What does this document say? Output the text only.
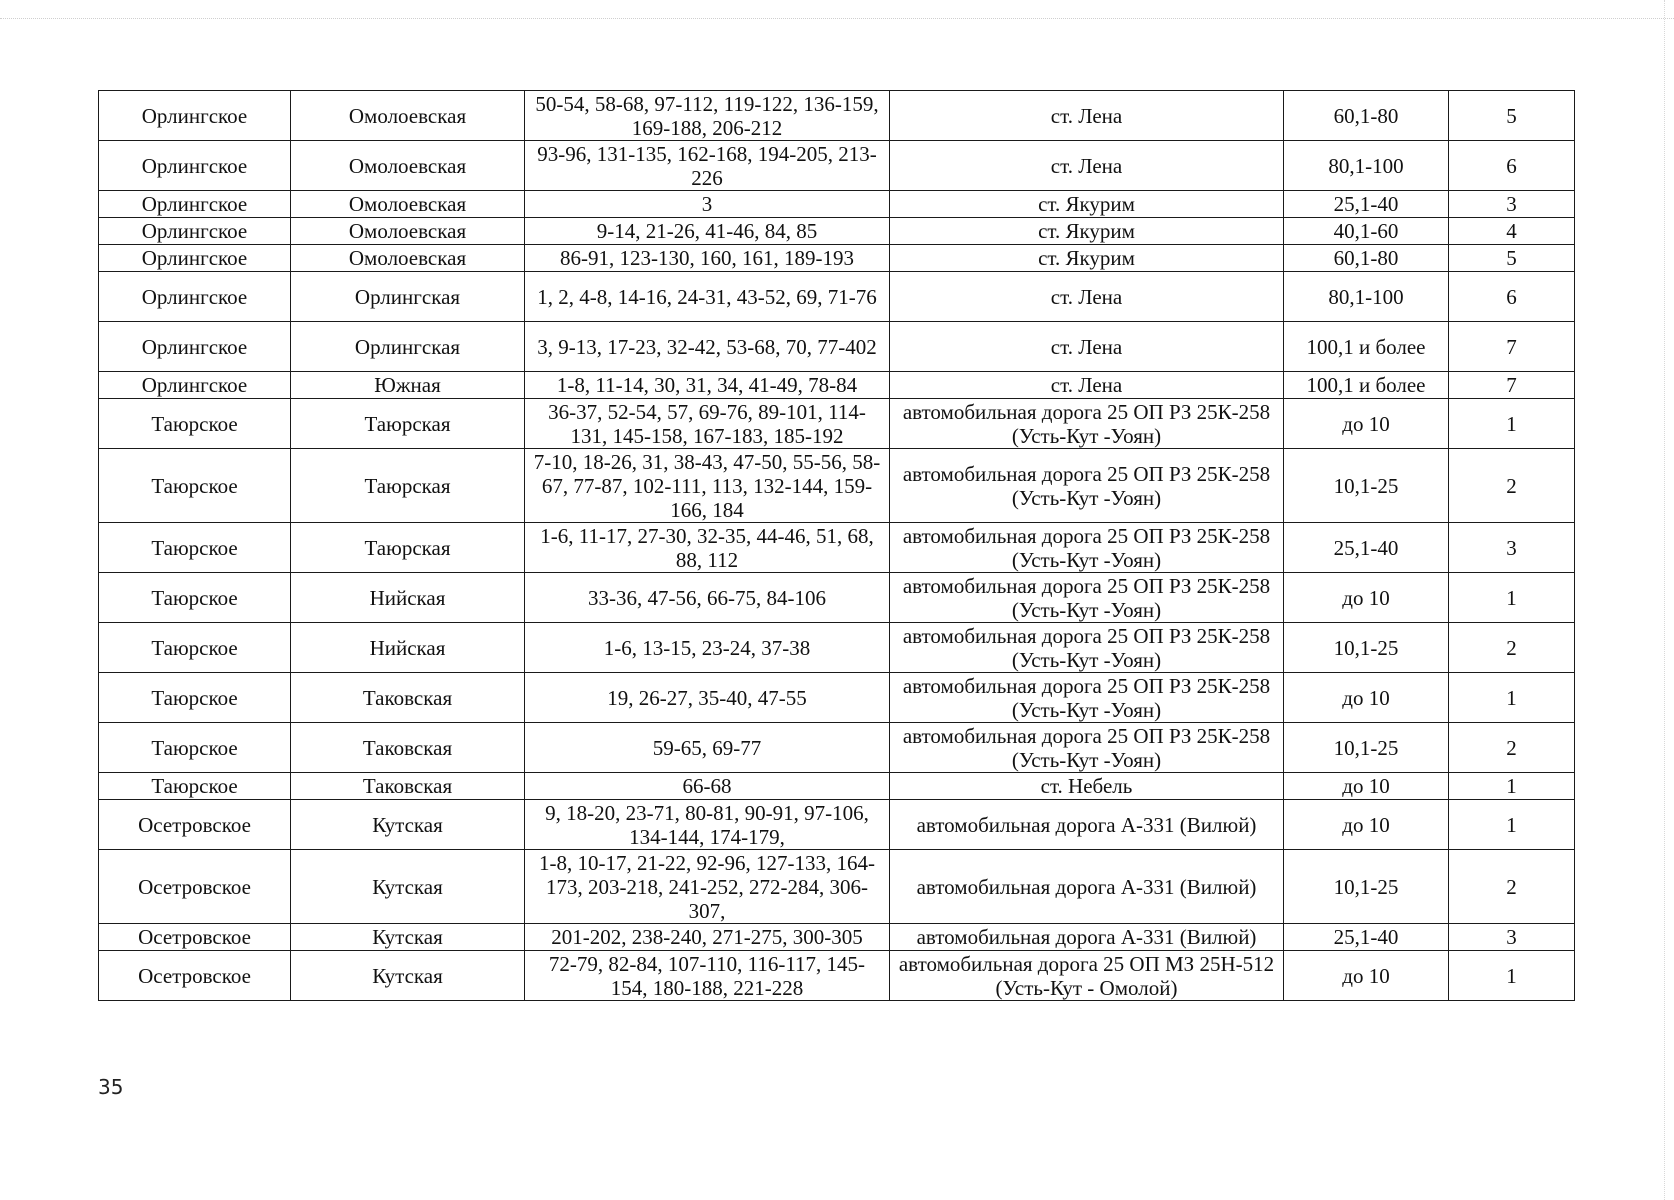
Орлингское	Омолоевская	50-54, 58-68, 97-112, 119-122, 136-159, 169-188, 206-212	ст. Лена	60,1-80	5
Орлингское	Омолоевская	93-96, 131-135, 162-168, 194-205, 213-226	ст. Лена	80,1-100	6
Орлингское	Омолоевская	3	ст. Якурим	25,1-40	3
Орлингское	Омолоевская	9-14, 21-26, 41-46, 84, 85	ст. Якурим	40,1-60	4
Орлингское	Омолоевская	86-91, 123-130, 160, 161, 189-193	ст. Якурим	60,1-80	5
Орлингское	Орлингская	1, 2, 4-8, 14-16, 24-31, 43-52, 69, 71-76	ст. Лена	80,1-100	6
Орлингское	Орлингская	3, 9-13, 17-23, 32-42, 53-68, 70, 77-402	ст. Лена	100,1 и более	7
Орлингское	Южная	1-8, 11-14, 30, 31, 34, 41-49, 78-84	ст. Лена	100,1 и более	7
Таюрское	Таюрская	36-37, 52-54, 57, 69-76, 89-101, 114-131, 145-158, 167-183, 185-192	автомобильная дорога 25 ОП РЗ 25К-258 (Усть-Кут -Уоян)	до 10	1
Таюрское	Таюрская	7-10, 18-26, 31, 38-43, 47-50, 55-56, 58-67, 77-87, 102-111, 113, 132-144, 159-166, 184	автомобильная дорога 25 ОП РЗ 25К-258 (Усть-Кут -Уоян)	10,1-25	2
Таюрское	Таюрская	1-6, 11-17, 27-30, 32-35, 44-46, 51, 68, 88, 112	автомобильная дорога 25 ОП РЗ 25К-258 (Усть-Кут -Уоян)	25,1-40	3
Таюрское	Нийская	33-36, 47-56, 66-75, 84-106	автомобильная дорога 25 ОП РЗ 25К-258 (Усть-Кут -Уоян)	до 10	1
Таюрское	Нийская	1-6, 13-15, 23-24, 37-38	автомобильная дорога 25 ОП РЗ 25К-258 (Усть-Кут -Уоян)	10,1-25	2
Таюрское	Таковская	19, 26-27, 35-40, 47-55	автомобильная дорога 25 ОП РЗ 25К-258 (Усть-Кут -Уоян)	до 10	1
Таюрское	Таковская	59-65, 69-77	автомобильная дорога 25 ОП РЗ 25К-258 (Усть-Кут -Уоян)	10,1-25	2
Таюрское	Таковская	66-68	ст. Небель	до 10	1
Осетровское	Кутская	9, 18-20, 23-71, 80-81, 90-91, 97-106, 134-144, 174-179,	автомобильная дорога А-331 (Вилюй)	до 10	1
Осетровское	Кутская	1-8, 10-17, 21-22, 92-96, 127-133, 164-173, 203-218, 241-252, 272-284, 306-307,	автомобильная дорога А-331 (Вилюй)	10,1-25	2
Осетровское	Кутская	201-202, 238-240, 271-275, 300-305	автомобильная дорога А-331 (Вилюй)	25,1-40	3
Осетровское	Кутская	72-79, 82-84, 107-110, 116-117, 145-154, 180-188, 221-228	автомобильная дорога 25 ОП МЗ 25Н-512 (Усть-Кут - Омолой)	до 10	1
35
